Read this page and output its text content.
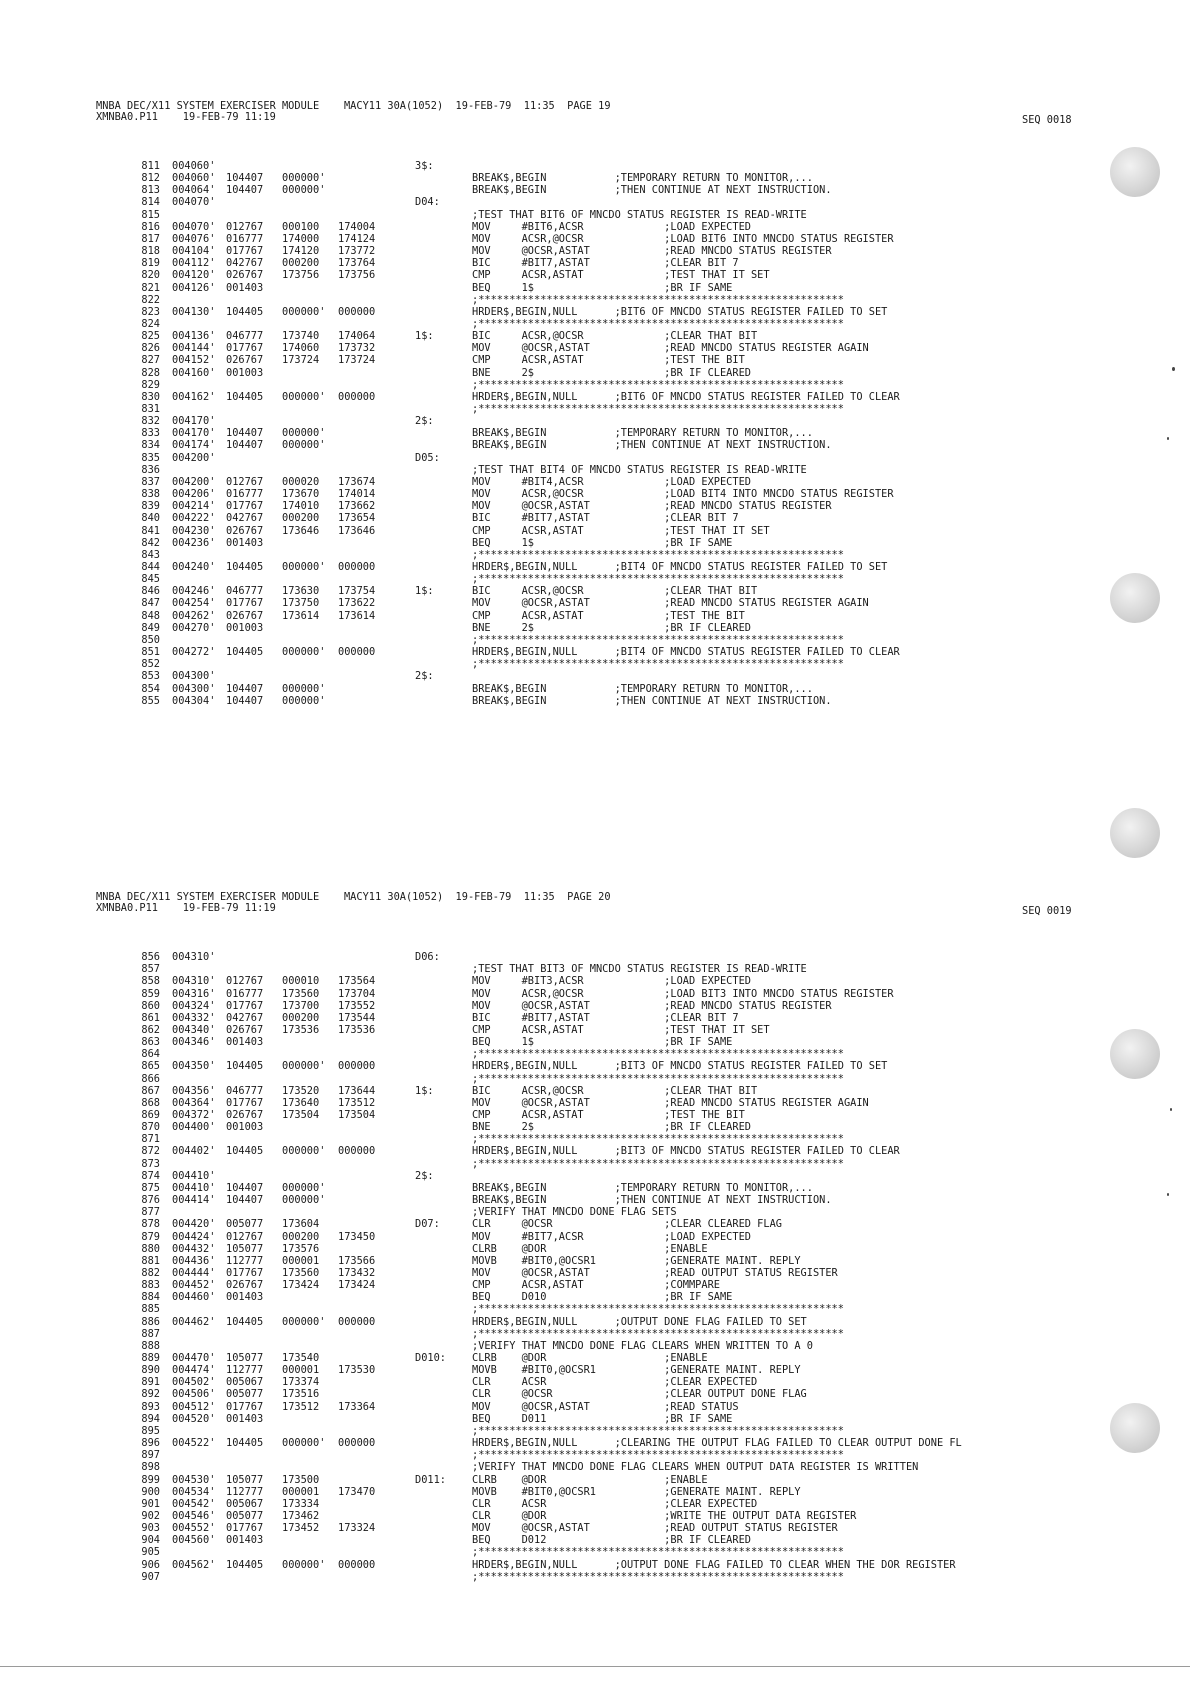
MNBA DEC/X11 SYSTEM EXERCISER MODULE    MACY11 30A(1052)  19-FEB-79  11:35  PAGE 19
XMNBA0.P11    19-FEB-79 11:19	SEQ 0018
811 004060'	3$:
812 004060' 104407 000000'	BREAK$,BEGIN           ;TEMPORARY RETURN TO MONITOR,...
813 004064' 104407 000000'	BREAK$,BEGIN           ;THEN CONTINUE AT NEXT INSTRUCTION.
814 004070'	D04:
815	;TEST THAT BIT6 OF MNCDO STATUS REGISTER IS READ-WRITE
816 004070' 012767 000100 174004	MOV     #BIT6,ACSR             ;LOAD EXPECTED
817 004076' 016777 174000 174124	MOV     ACSR,@OCSR             ;LOAD BIT6 INTO MNCDO STATUS REGISTER
818 004104' 017767 174120 173772	MOV     @OCSR,ASTAT            ;READ MNCDO STATUS REGISTER
819 004112' 042767 000200 173764	BIC     #BIT7,ASTAT            ;CLEAR BIT 7
820 004120' 026767 173756 173756	CMP     ACSR,ASTAT             ;TEST THAT IT SET
821 004126' 001403	BEQ     1$                     ;BR IF SAME
822	;***********************************************************
823 004130' 104405 000000' 000000	HRDER$,BEGIN,NULL      ;BIT6 OF MNCDO STATUS REGISTER FAILED TO SET
824	;***********************************************************
825 004136' 046777 173740 174064	1$:	BIC     ACSR,@OCSR             ;CLEAR THAT BIT
826 004144' 017767 174060 173732	MOV     @OCSR,ASTAT            ;READ MNCDO STATUS REGISTER AGAIN
827 004152' 026767 173724 173724	CMP     ACSR,ASTAT             ;TEST THE BIT
828 004160' 001003	BNE     2$                     ;BR IF CLEARED
829	;***********************************************************
830 004162' 104405 000000' 000000	HRDER$,BEGIN,NULL      ;BIT6 OF MNCDO STATUS REGISTER FAILED TO CLEAR
831	;***********************************************************
832 004170'	2$:
833 004170' 104407 000000'	BREAK$,BEGIN           ;TEMPORARY RETURN TO MONITOR,...
834 004174' 104407 000000'	BREAK$,BEGIN           ;THEN CONTINUE AT NEXT INSTRUCTION.
835 004200'	D05:
836	;TEST THAT BIT4 OF MNCDO STATUS REGISTER IS READ-WRITE
837 004200' 012767 000020 173674	MOV     #BIT4,ACSR             ;LOAD EXPECTED
838 004206' 016777 173670 174014	MOV     ACSR,@OCSR             ;LOAD BIT4 INTO MNCDO STATUS REGISTER
839 004214' 017767 174010 173662	MOV     @OCSR,ASTAT            ;READ MNCDO STATUS REGISTER
840 004222' 042767 000200 173654	BIC     #BIT7,ASTAT            ;CLEAR BIT 7
841 004230' 026767 173646 173646	CMP     ACSR,ASTAT             ;TEST THAT IT SET
842 004236' 001403	BEQ     1$                     ;BR IF SAME
843	;***********************************************************
844 004240' 104405 000000' 000000	HRDER$,BEGIN,NULL      ;BIT4 OF MNCDO STATUS REGISTER FAILED TO SET
845	;***********************************************************
846 004246' 046777 173630 173754	1$:	BIC     ACSR,@OCSR             ;CLEAR THAT BIT
847 004254' 017767 173750 173622	MOV     @OCSR,ASTAT            ;READ MNCDO STATUS REGISTER AGAIN
848 004262' 026767 173614 173614	CMP     ACSR,ASTAT             ;TEST THE BIT
849 004270' 001003	BNE     2$                     ;BR IF CLEARED
850	;***********************************************************
851 004272' 104405 000000' 000000	HRDER$,BEGIN,NULL      ;BIT4 OF MNCDO STATUS REGISTER FAILED TO CLEAR
852	;***********************************************************
853 004300'	2$:
854 004300' 104407 000000'	BREAK$,BEGIN           ;TEMPORARY RETURN TO MONITOR,...
855 004304' 104407 000000'	BREAK$,BEGIN           ;THEN CONTINUE AT NEXT INSTRUCTION.
MNBA DEC/X11 SYSTEM EXERCISER MODULE    MACY11 30A(1052)  19-FEB-79  11:35  PAGE 20
XMNBA0.P11    19-FEB-79 11:19	SEQ 0019
856 004310'	D06:
857	;TEST THAT BIT3 OF MNCDO STATUS REGISTER IS READ-WRITE
858 004310' 012767 000010 173564	MOV     #BIT3,ACSR             ;LOAD EXPECTED
859 004316' 016777 173560 173704	MOV     ACSR,@OCSR             ;LOAD BIT3 INTO MNCDO STATUS REGISTER
860 004324' 017767 173700 173552	MOV     @OCSR,ASTAT            ;READ MNCDO STATUS REGISTER
861 004332' 042767 000200 173544	BIC     #BIT7,ASTAT            ;CLEAR BIT 7
862 004340' 026767 173536 173536	CMP     ACSR,ASTAT             ;TEST THAT IT SET
863 004346' 001403	BEQ     1$                     ;BR IF SAME
864	;***********************************************************
865 004350' 104405 000000' 000000	HRDER$,BEGIN,NULL      ;BIT3 OF MNCDO STATUS REGISTER FAILED TO SET
866	;***********************************************************
867 004356' 046777 173520 173644	1$:	BIC     ACSR,@OCSR             ;CLEAR THAT BIT
868 004364' 017767 173640 173512	MOV     @OCSR,ASTAT            ;READ MNCDO STATUS REGISTER AGAIN
869 004372' 026767 173504 173504	CMP     ACSR,ASTAT             ;TEST THE BIT
870 004400' 001003	BNE     2$                     ;BR IF CLEARED
871	;***********************************************************
872 004402' 104405 000000' 000000	HRDER$,BEGIN,NULL      ;BIT3 OF MNCDO STATUS REGISTER FAILED TO CLEAR
873	;***********************************************************
874 004410'	2$:
875 004410' 104407 000000'	BREAK$,BEGIN           ;TEMPORARY RETURN TO MONITOR,...
876 004414' 104407 000000'	BREAK$,BEGIN           ;THEN CONTINUE AT NEXT INSTRUCTION.
877	;VERIFY THAT MNCDO DONE FLAG SETS
878 004420' 005077 173604	D07:	CLR     @OCSR                  ;CLEAR CLEARED FLAG
879 004424' 012767 000200 173450	MOV     #BIT7,ACSR             ;LOAD EXPECTED
880 004432' 105077 173576	CLRB    @DOR                   ;ENABLE
881 004436' 112777 000001 173566	MOVB    #BIT0,@OCSR1           ;GENERATE MAINT. REPLY
882 004444' 017767 173560 173432	MOV     @OCSR,ASTAT            ;READ OUTPUT STATUS REGISTER
883 004452' 026767 173424 173424	CMP     ACSR,ASTAT             ;COMMPARE
884 004460' 001403	BEQ     D010                   ;BR IF SAME
885	;***********************************************************
886 004462' 104405 000000' 000000	HRDER$,BEGIN,NULL      ;OUTPUT DONE FLAG FAILED TO SET
887	;***********************************************************
888	;VERIFY THAT MNCDO DONE FLAG CLEARS WHEN WRITTEN TO A 0
889 004470' 105077 173540	D010:	CLRB    @DOR                   ;ENABLE
890 004474' 112777 000001 173530	MOVB    #BIT0,@OCSR1           ;GENERATE MAINT. REPLY
891 004502' 005067 173374	CLR     ACSR                   ;CLEAR EXPECTED
892 004506' 005077 173516	CLR     @OCSR                  ;CLEAR OUTPUT DONE FLAG
893 004512' 017767 173512 173364	MOV     @OCSR,ASTAT            ;READ STATUS
894 004520' 001403	BEQ     D011                   ;BR IF SAME
895	;***********************************************************
896 004522' 104405 000000' 000000	HRDER$,BEGIN,NULL      ;CLEARING THE OUTPUT FLAG FAILED TO CLEAR OUTPUT DONE FL
897	;***********************************************************
898	;VERIFY THAT MNCDO DONE FLAG CLEARS WHEN OUTPUT DATA REGISTER IS WRITTEN
899 004530' 105077 173500	D011:	CLRB    @DOR                   ;ENABLE
900 004534' 112777 000001 173470	MOVB    #BIT0,@OCSR1           ;GENERATE MAINT. REPLY
901 004542' 005067 173334	CLR     ACSR                   ;CLEAR EXPECTED
902 004546' 005077 173462	CLR     @DOR                   ;WRITE THE OUTPUT DATA REGISTER
903 004552' 017767 173452 173324	MOV     @OCSR,ASTAT            ;READ OUTPUT STATUS REGISTER
904 004560' 001403	BEQ     D012                   ;BR IF CLEARED
905	;***********************************************************
906 004562' 104405 000000' 000000	HRDER$,BEGIN,NULL      ;OUTPUT DONE FLAG FAILED TO CLEAR WHEN THE DOR REGISTER
907	;***********************************************************
